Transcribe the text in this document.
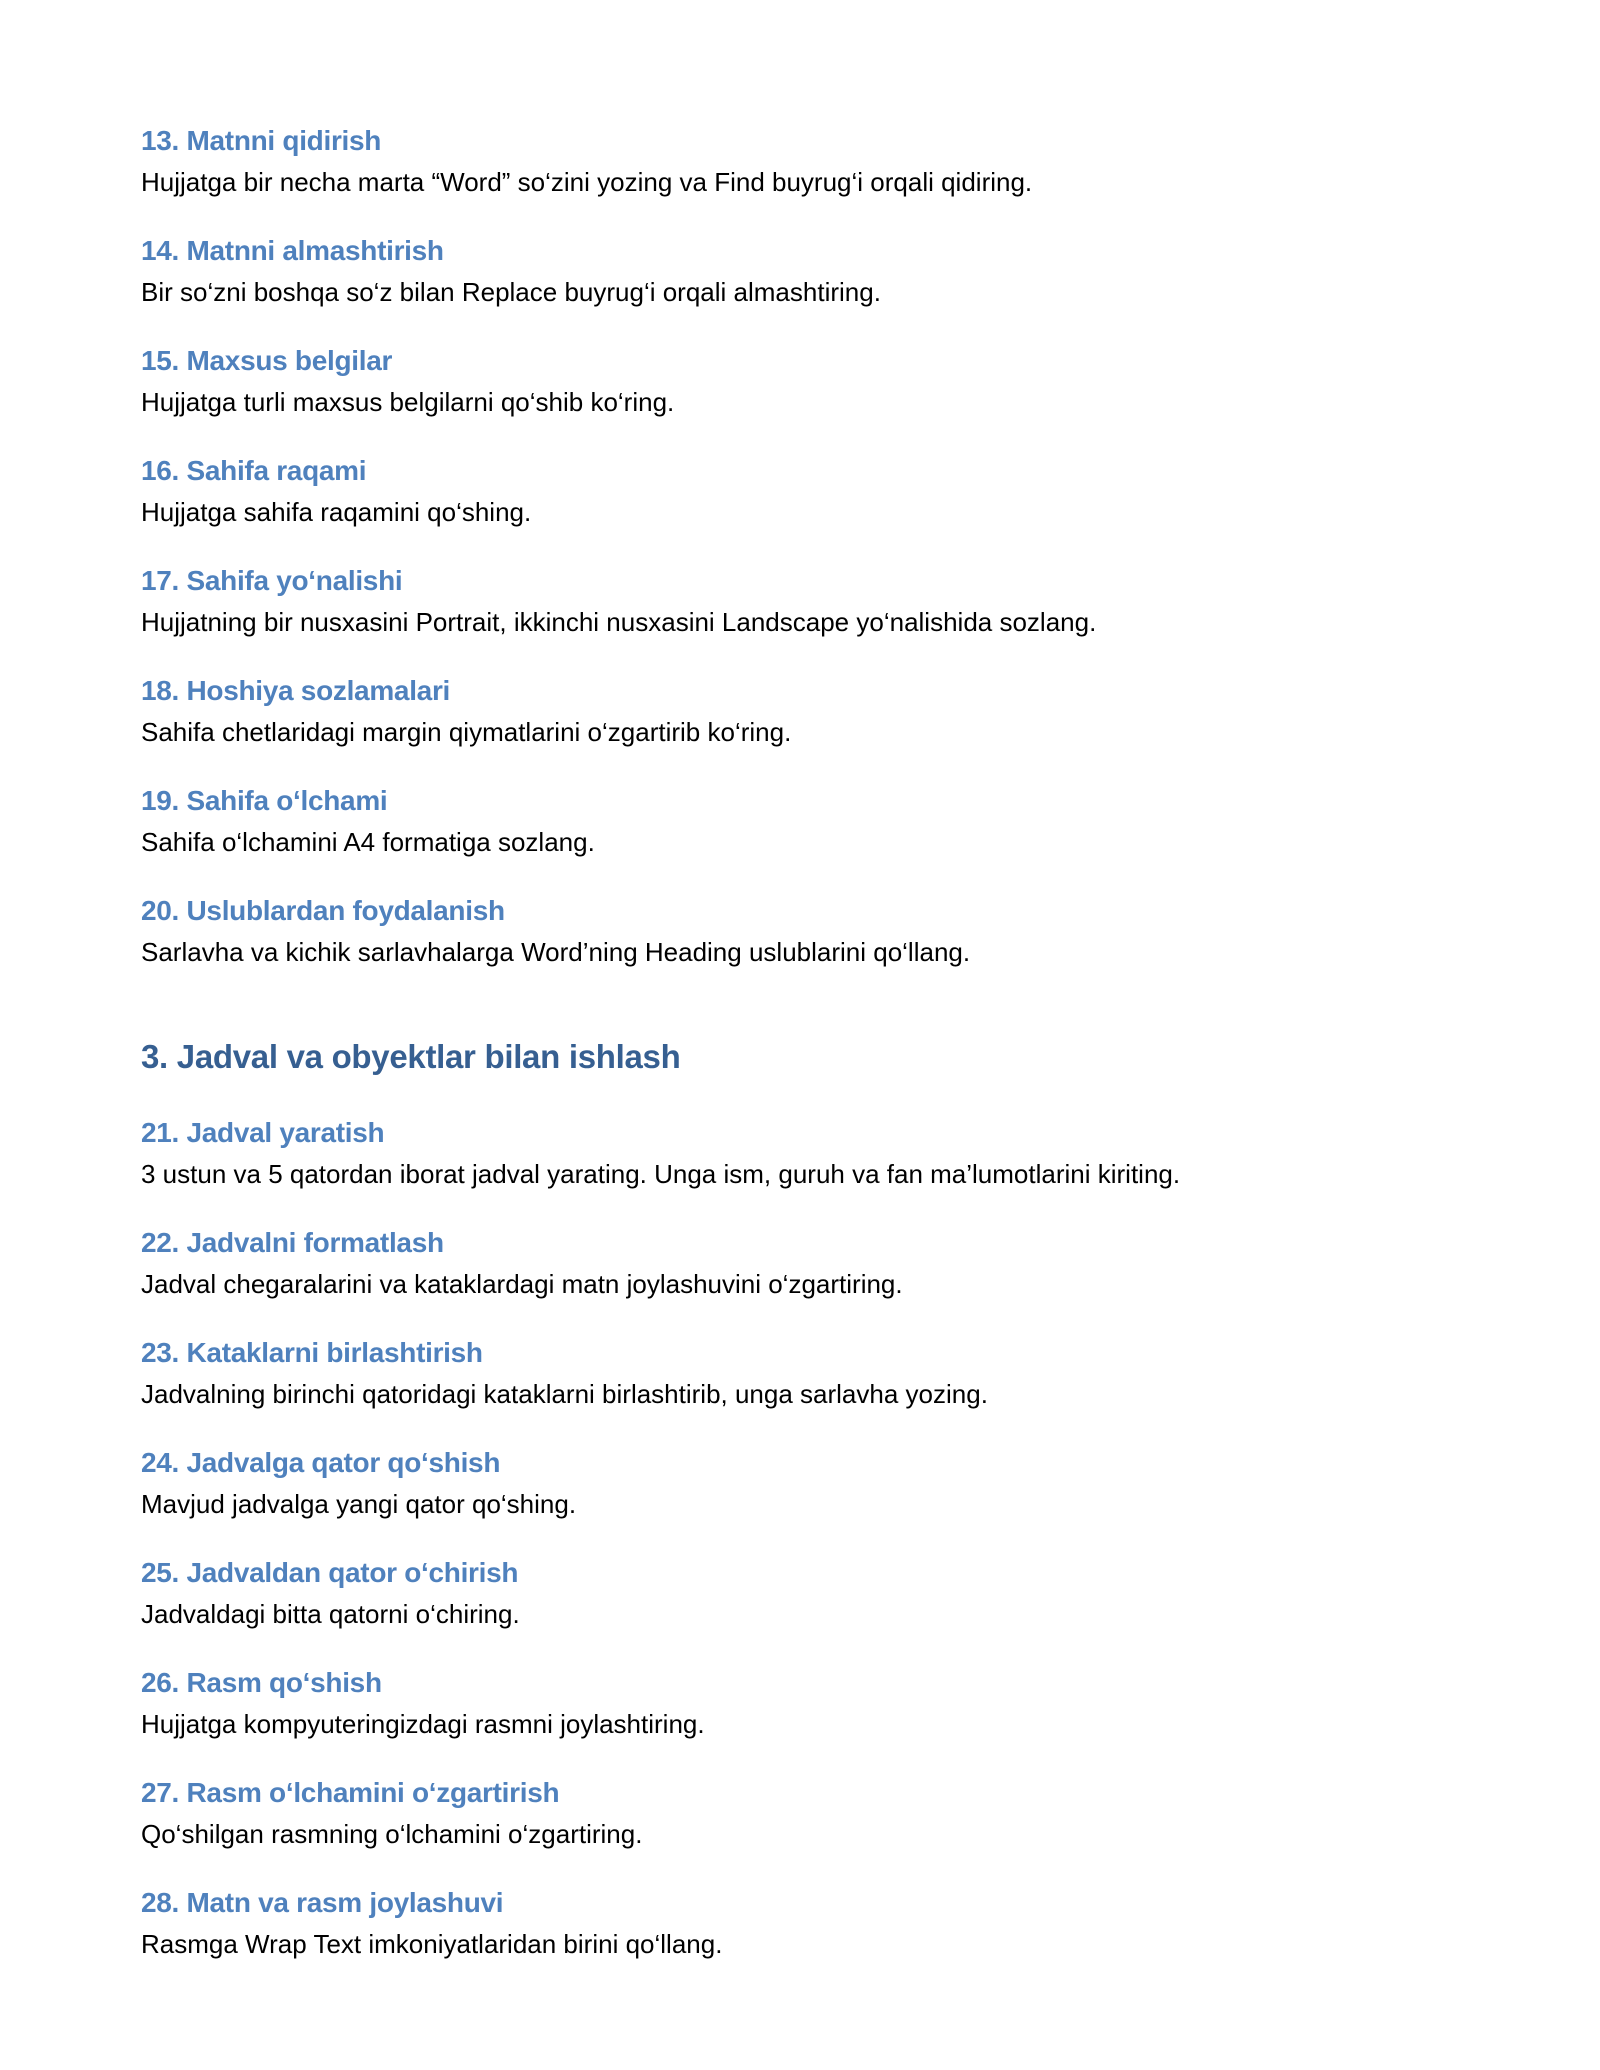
13. Matnni qidirish

Hujjatga bir necha marta “Word” so‘zini yozing va Find buyrug‘i orqali qidiring.

14. Matnni almashtirish

Bir so‘zni boshqa so‘z bilan Replace buyrug‘i orqali almashtiring.

15. Maxsus belgilar

Hujjatga turli maxsus belgilarni qo‘shib ko‘ring.

16. Sahifa raqami

Hujjatga sahifa raqamini qo‘shing.

17. Sahifa yo‘nalishi

Hujjatning bir nusxasini Portrait, ikkinchi nusxasini Landscape yo‘nalishida sozlang.

18. Hoshiya sozlamalari

Sahifa chetlaridagi margin qiymatlarini o‘zgartirib ko‘ring.

19. Sahifa o‘lchami

Sahifa o‘lchamini A4 formatiga sozlang.

20. Uslublardan foydalanish

Sarlavha va kichik sarlavhalarga Word’ning Heading uslublarini qo‘llang.

3. Jadval va obyektlar bilan ishlash
21. Jadval yaratish

3 ustun va 5 qatordan iborat jadval yarating. Unga ism, guruh va fan ma’lumotlarini kiriting.

22. Jadvalni formatlash

Jadval chegaralarini va kataklardagi matn joylashuvini o‘zgartiring.

23. Kataklarni birlashtirish

Jadvalning birinchi qatoridagi kataklarni birlashtirib, unga sarlavha yozing.

24. Jadvalga qator qo‘shish

Mavjud jadvalga yangi qator qo‘shing.

25. Jadvaldan qator o‘chirish

Jadvaldagi bitta qatorni o‘chiring.

26. Rasm qo‘shish

Hujjatga kompyuteringizdagi rasmni joylashtiring.

27. Rasm o‘lchamini o‘zgartirish

Qo‘shilgan rasmning o‘lchamini o‘zgartiring.

28. Matn va rasm joylashuvi

Rasmga Wrap Text imkoniyatlaridan birini qo‘llang.
